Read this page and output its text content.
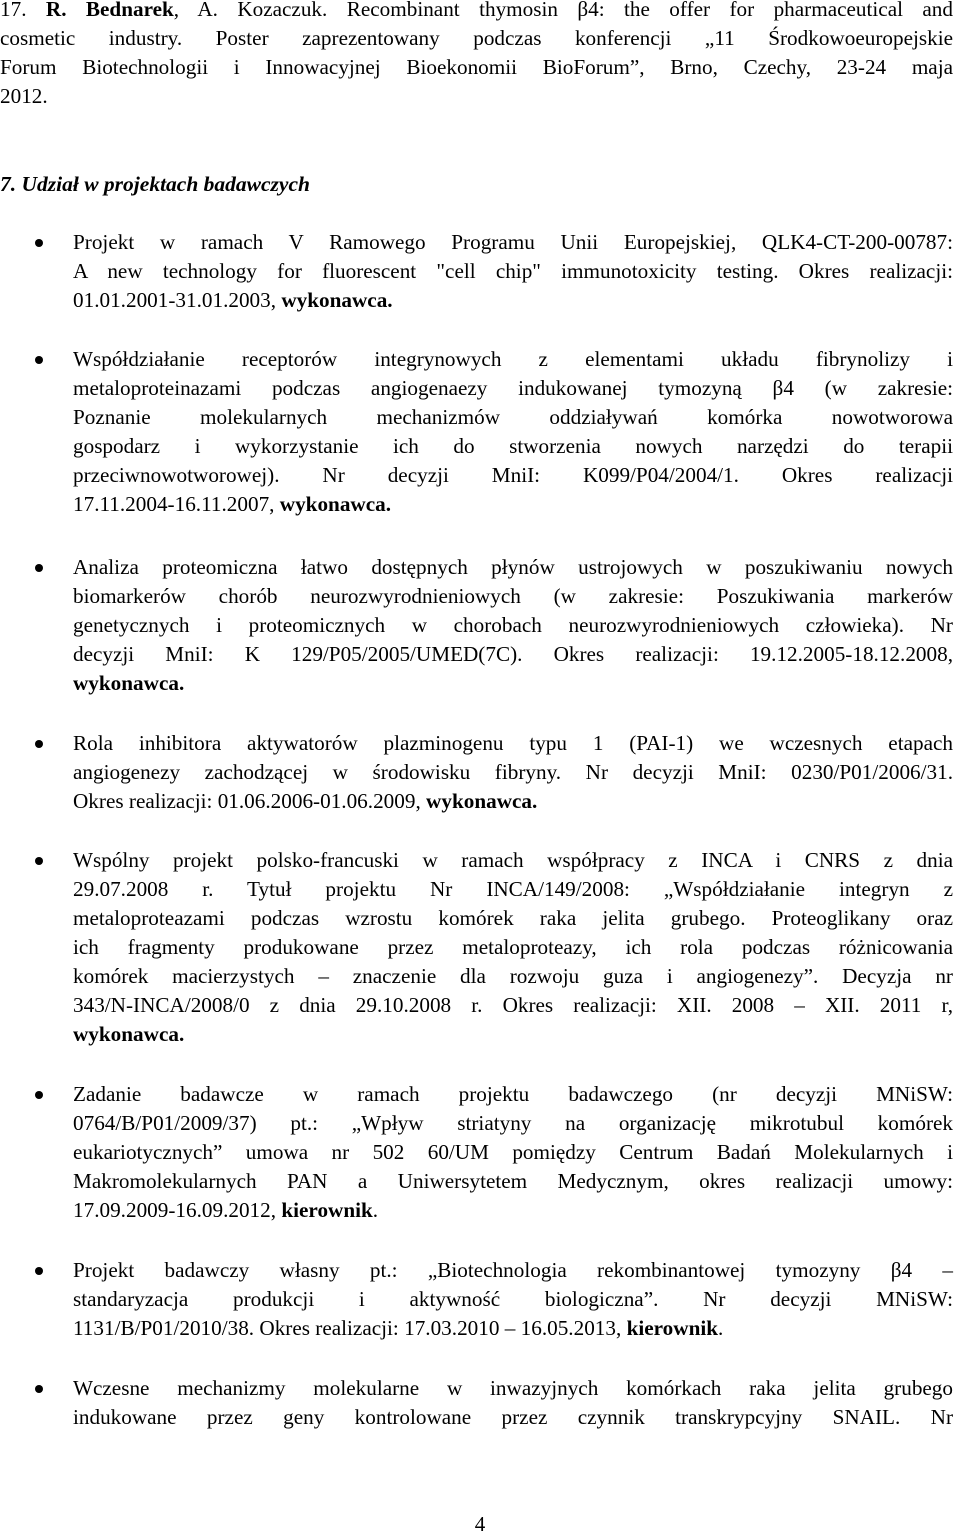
17. R. Bednarek, A. Kozaczuk. Recombinant thymosin β4: the offer for pharmaceutical and
cosmetic industry. Poster zaprezentowany podczas konferencji „11 Środkowoeuropejskie
Forum Biotechnologii i Innowacyjnej Bioekonomii BioForum”, Brno, Czechy, 23-24 maja
2012.
7. Udział w projektach badawczych
Projekt w ramach V Ramowego Programu Unii Europejskiej, QLK4-CT-200-00787:
A new technology for fluorescent "cell chip" immunotoxicity testing. Okres realizacji:
01.01.2001-31.01.2003, wykonawca.
Współdziałanie receptorów integrynowych z elementami układu fibrynolizy i
metaloproteinazami podczas angiogenaezy indukowanej tymozyną β4 (w zakresie:
Poznanie molekularnych mechanizmów oddziaływań komórka nowotworowa
gospodarz i wykorzystanie ich do stworzenia nowych narzędzi do terapii
przeciwnowotworowej). Nr decyzji MniI: K099/P04/2004/1. Okres realizacji
17.11.2004-16.11.2007, wykonawca.
Analiza proteomiczna łatwo dostępnych płynów ustrojowych w poszukiwaniu nowych
biomarkerów chorób neurozwyrodnieniowych (w zakresie: Poszukiwania markerów
genetycznych i proteomicznych w chorobach neurozwyrodnieniowych człowieka). Nr
decyzji MniI: K 129/P05/2005/UMED(7C). Okres realizacji: 19.12.2005-18.12.2008,
wykonawca.
Rola inhibitora aktywatorów plazminogenu typu 1 (PAI-1) we wczesnych etapach
angiogenezy zachodzącej w środowisku fibryny. Nr decyzji MniI: 0230/P01/2006/31.
Okres realizacji: 01.06.2006-01.06.2009, wykonawca.
Wspólny projekt polsko-francuski w ramach współpracy z INCA i CNRS z dnia
29.07.2008 r. Tytuł projektu Nr INCA/149/2008: „Współdziałanie integryn z
metaloproteazami podczas wzrostu komórek raka jelita grubego. Proteoglikany oraz
ich fragmenty produkowane przez metaloproteazy, ich rola podczas różnicowania
komórek macierzystych – znaczenie dla rozwoju guza i angiogenezy”. Decyzja nr
343/N-INCA/2008/0 z dnia 29.10.2008 r. Okres realizacji: XII. 2008 – XII. 2011 r,
wykonawca.
Zadanie badawcze w ramach projektu badawczego (nr decyzji MNiSW:
0764/B/P01/2009/37) pt.: „Wpływ striatyny na organizację mikrotubul komórek
eukariotycznych” umowa nr 502 60/UM pomiędzy Centrum Badań Molekularnych i
Makromolekularnych PAN a Uniwersytetem Medycznym, okres realizacji umowy:
17.09.2009-16.09.2012, kierownik.
Projekt badawczy własny pt.: „Biotechnologia rekombinantowej tymozyny β4 –
standaryzacja produkcji i aktywność biologiczna”. Nr decyzji MNiSW:
1131/B/P01/2010/38. Okres realizacji: 17.03.2010 – 16.05.2013, kierownik.
Wczesne mechanizmy molekularne w inwazyjnych komórkach raka jelita grubego
indukowane przez geny kontrolowane przez czynnik transkrypcyjny SNAIL. Nr
4
